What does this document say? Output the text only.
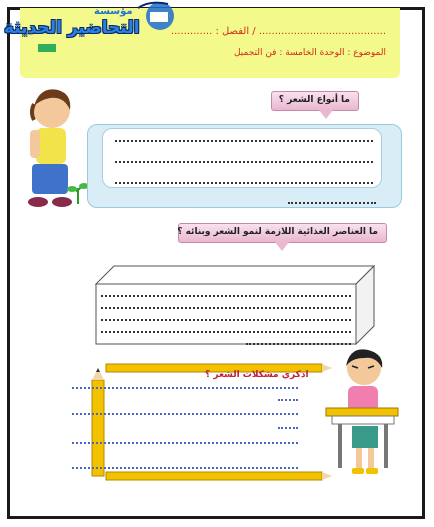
........................................ / الفصل : .............
الموضوع : الوحدة الخامسة : فن التجميل
مؤسسة
التحاضير الحديثة
ما أنواع الشعر ؟
ما العناصر الغذائية اللازمة لنمو الشعر وبنائه ؟
اذكري مشكلات الشعر ؟
